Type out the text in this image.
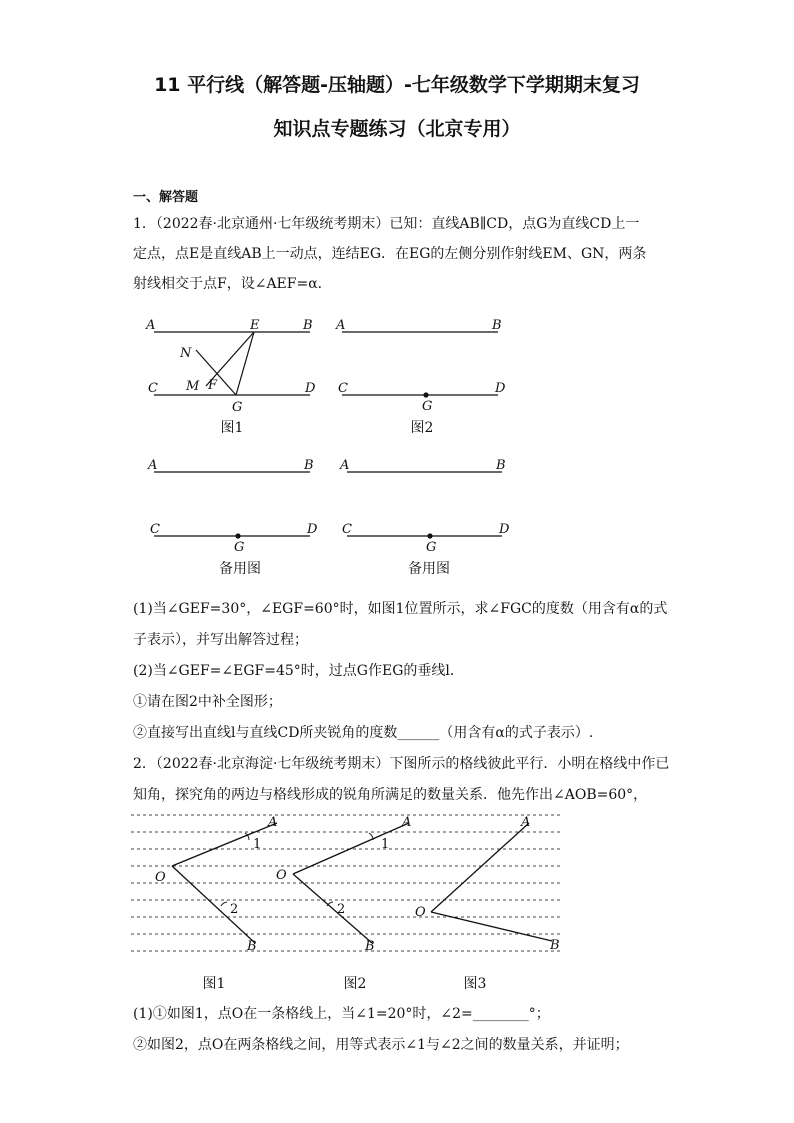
11 平行线（解答题-压轴题）-七年级数学下学期期末复习
知识点专题练习（北京专用）
一、解答题
1．（2022春·北京通州·七年级统考期末）已知：直线AB∥CD，点G为直线CD上一
定点，点E是直线AB上一动点，连结EG．在EG的左侧分别作射线EM、GN，两条
射线相交于点F，设∠AEF=α．
A	B
E
N
M F
C	D
G
A	B
C	D
G
A	B
C	D
G
A	B
C	D
G
图1	图2
备用图	备用图
(1)当∠GEF=30°，∠EGF=60°时，如图1位置所示，求∠FGC的度数（用含有α的式
子表示），并写出解答过程；
(2)当∠GEF=∠EGF=45°时，过点G作EG的垂线l．
①请在图2中补全图形；
②直接写出直线l与直线CD所夹锐角的度数______（用含有α的式子表示）.
2．（2022春·北京海淀·七年级统考期末）下图所示的格线彼此平行．小明在格线中作已
知角，探究角的两边与格线形成的锐角所满足的数量关系．他先作出∠AOB=60°，
O
A
B
1
2
O
A
B
1
2	O
A
B
图1	图2	图3
(1)①如图1，点O在一条格线上，当∠1=20°时，∠2=________°；
②如图2，点O在两条格线之间，用等式表示∠1与∠2之间的数量关系，并证明；
